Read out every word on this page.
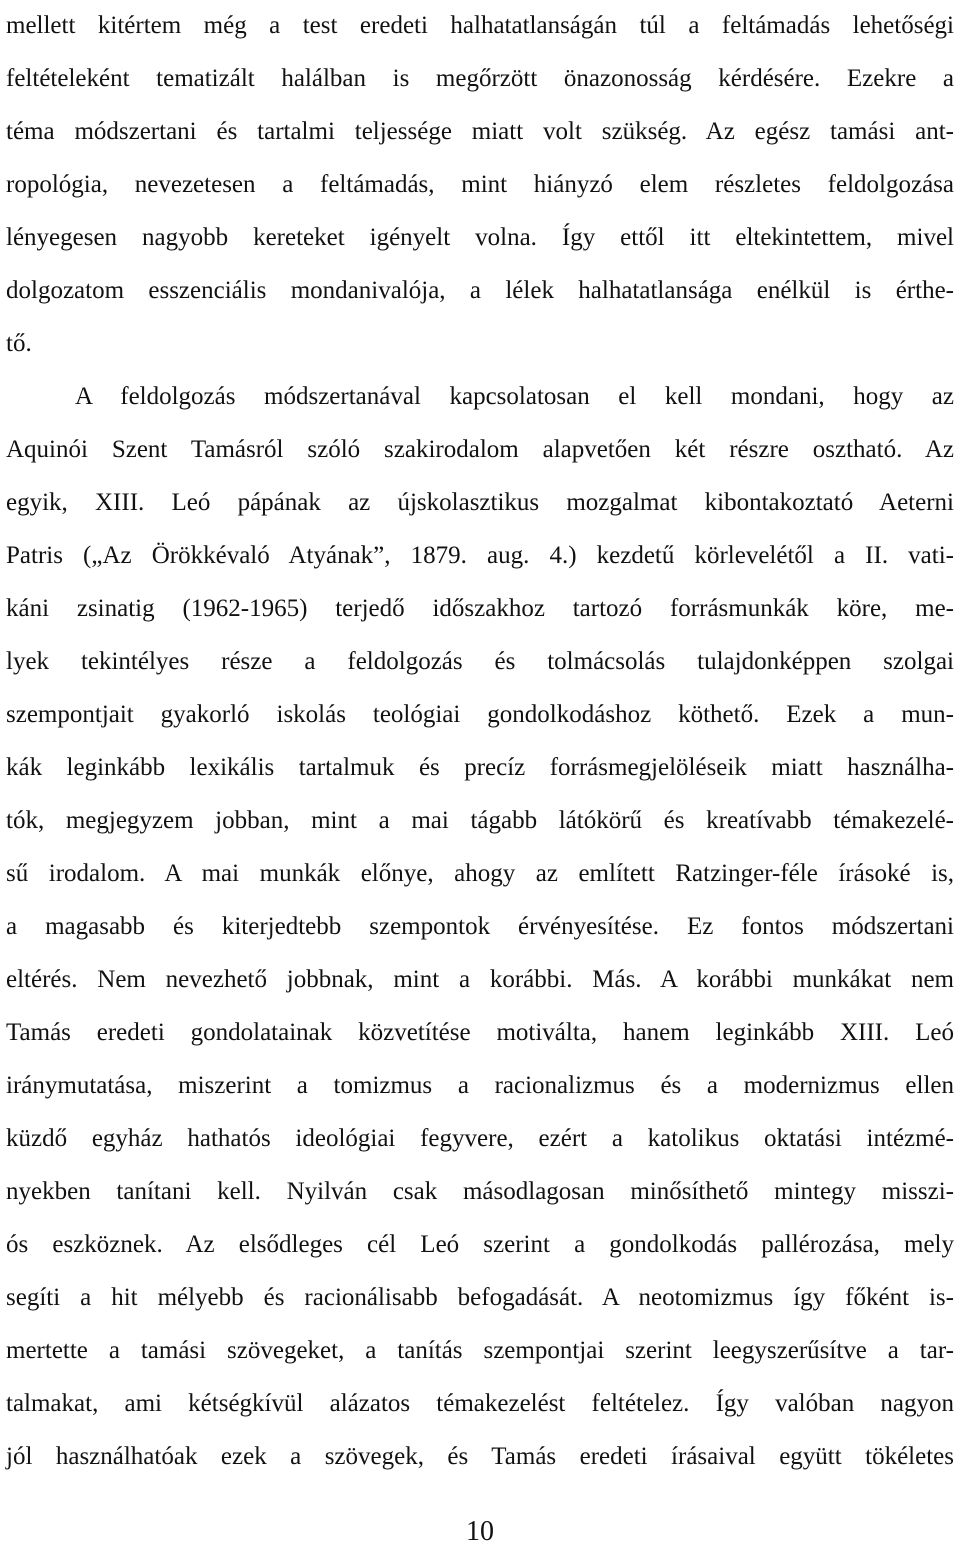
mellett kitértem még a test eredeti halhatatlanságán túl a feltámadás lehetőségi
feltételeként tematizált halálban is megőrzött önazonosság kérdésére. Ezekre a
téma módszertani és tartalmi teljessége miatt volt szükség. Az egész tamási ant-
ropológia, nevezetesen a feltámadás, mint hiányzó elem részletes feldolgozása
lényegesen nagyobb kereteket igényelt volna. Így ettől itt eltekintettem, mivel
dolgozatom esszenciális mondanivalója, a lélek halhatatlansága enélkül is érthe-
tő.
A feldolgozás módszertanával kapcsolatosan el kell mondani, hogy az
Aquinói Szent Tamásról szóló szakirodalom alapvetően két részre osztható. Az
egyik, XIII. Leó pápának az újskolasztikus mozgalmat kibontakoztató Aeterni
Patris („Az Örökkévaló Atyának”, 1879. aug. 4.) kezdetű körlevelétől a II. vati-
káni zsinatig (1962-1965) terjedő időszakhoz tartozó forrásmunkák köre, me-
lyek tekintélyes része a feldolgozás és tolmácsolás tulajdonképpen szolgai
szempontjait gyakorló iskolás teológiai gondolkodáshoz köthető. Ezek a mun-
kák leginkább lexikális tartalmuk és precíz forrásmegjelöléseik miatt használha-
tók, megjegyzem jobban, mint a mai tágabb látókörű és kreatívabb témakezelé-
sű irodalom. A mai munkák előnye, ahogy az említett Ratzinger-féle írásoké is,
a magasabb és kiterjedtebb szempontok érvényesítése. Ez fontos módszertani
eltérés. Nem nevezhető jobbnak, mint a korábbi. Más. A korábbi munkákat nem
Tamás eredeti gondolatainak közvetítése motiválta, hanem leginkább XIII. Leó
iránymutatása, miszerint a tomizmus a racionalizmus és a modernizmus ellen
küzdő egyház hathatós ideológiai fegyvere, ezért a katolikus oktatási intézmé-
nyekben tanítani kell. Nyilván csak másodlagosan minősíthető mintegy misszi-
ós eszköznek. Az elsődleges cél Leó szerint a gondolkodás pallérozása, mely
segíti a hit mélyebb és racionálisabb befogadását. A neotomizmus így főként is-
mertette a tamási szövegeket, a tanítás szempontjai szerint leegyszerűsítve a tar-
talmakat, ami kétségkívül alázatos témakezelést feltételez. Így valóban nagyon
jól használhatóak ezek a szövegek, és Tamás eredeti írásaival együtt tökéletes
10
